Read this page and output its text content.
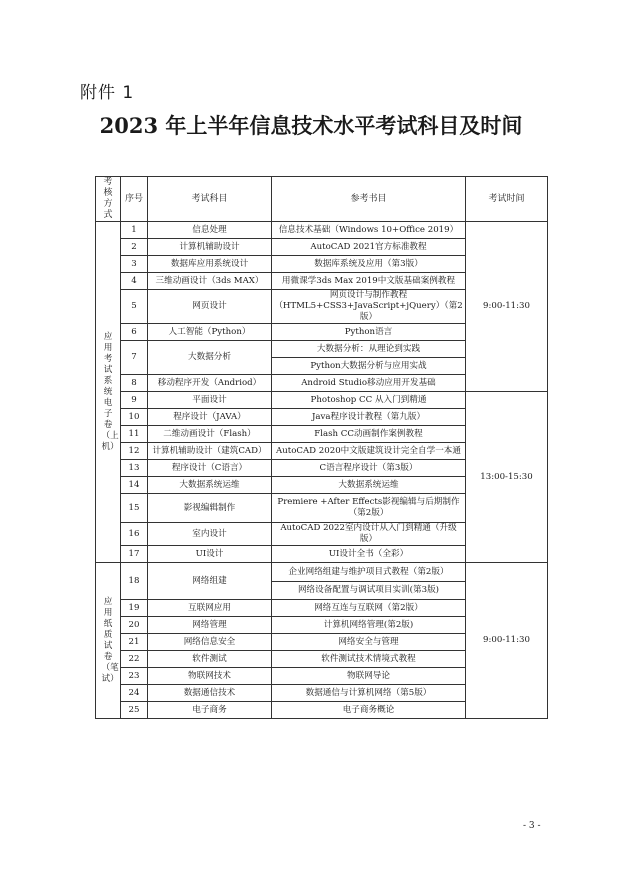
附件 1
2023 年上半年信息技术水平考试科目及时间
考核方式	序号	考试科目	参考书目	考试时间
应用考试系统电子卷（上机）	1	信息处理	信息技术基础（Windows 10+Office 2019）	9:00-11:30
	2	计算机辅助设计	AutoCAD 2021官方标准教程	
	3	数据库应用系统设计	数据库系统及应用（第3版）	
	4	三维动画设计（3ds MAX）	用微课学3ds Max 2019中文版基础案例教程	
	5	网页设计	网页设计与制作教程（HTML5+CSS3+JavaScript+jQuery）（第2版）	
	6	人工智能（Python）	Python语言	
	7	大数据分析	大数据分析：从理论到实践	
			Python大数据分析与应用实战	
	8	移动程序开发（Andriod）	Android Studio移动应用开发基础	
	9	平面设计	Photoshop CC 从入门到精通	13:00-15:30
	10	程序设计（JAVA）	Java程序设计教程（第九版）	
	11	二维动画设计（Flash）	Flash CC动画制作案例教程	
	12	计算机辅助设计（建筑CAD）	AutoCAD 2020中文版建筑设计完全自学一本通	
	13	程序设计（C语言）	C语言程序设计（第3版）	
	14	大数据系统运维	大数据系统运维	
	15	影视编辑制作	Premiere +After Effects影视编辑与后期制作（第2版）	
	16	室内设计	AutoCAD 2022室内设计从入门到精通（升级版）	
	17	UI设计	UI设计全书（全彩）	
应用纸质试卷（笔试）	18	网络组建	企业网络组建与维护项目式教程（第2版）	9:00-11:30
			网络设备配置与调试项目实训(第3版)	
	19	互联网应用	网络互连与互联网（第2版）	
	20	网络管理	计算机网络管理(第2版)	
	21	网络信息安全	网络安全与管理	
	22	软件测试	软件测试技术情境式教程	
	23	物联网技术	物联网导论	
	24	数据通信技术	数据通信与计算机网络（第5版）	
	25	电子商务	电子商务概论	
- 3 -
